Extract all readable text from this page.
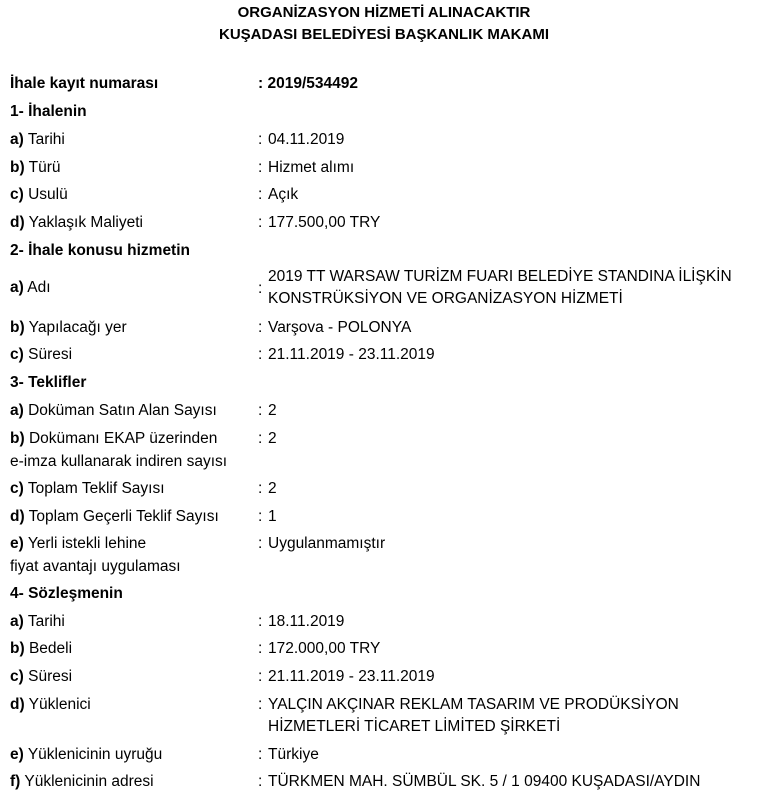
ORGANİZASYON HİZMETİ ALINACAKTIR
KUŞADASI BELEDİYESİ BAŞKANLIK MAKAMI
İhale kayıt numarası	: 2019/534492
1- İhalenin
a) Tarihi	: 04.11.2019
b) Türü	: Hizmet alımı
c) Usulü	: Açık
d) Yaklaşık Maliyeti	: 177.500,00 TRY
2- İhale konusu hizmetin
a) Adı	:
2019 TT WARSAW TURİZM FUARI BELEDİYE STANDINA İLİŞKİN
KONSTRÜKSİYON VE ORGANİZASYON HİZMETİ
b) Yapılacağı yer	: Varşova - POLONYA
c) Süresi	: 21.11.2019 - 23.11.2019
3- Teklifler
a) Doküman Satın Alan Sayısı	: 2
b) Dokümanı EKAP üzerinden
e-imza kullanarak indiren sayısı
: 2
c) Toplam Teklif Sayısı	: 2
d) Toplam Geçerli Teklif Sayısı	: 1
e) Yerli istekli lehine
fiyat avantajı uygulaması
: Uygulanmamıştır
4- Sözleşmenin
a) Tarihi	: 18.11.2019
b) Bedeli	: 172.000,00 TRY
c) Süresi	: 21.11.2019 - 23.11.2019
d) Yüklenici	: YALÇIN AKÇINAR REKLAM TASARIM VE PRODÜKSİYON
HİZMETLERİ TİCARET LİMİTED ŞİRKETİ
e) Yüklenicinin uyruğu	: Türkiye
f) Yüklenicinin adresi	: TÜRKMEN MAH. SÜMBÜL SK. 5 / 1 09400 KUŞADASI/AYDIN
